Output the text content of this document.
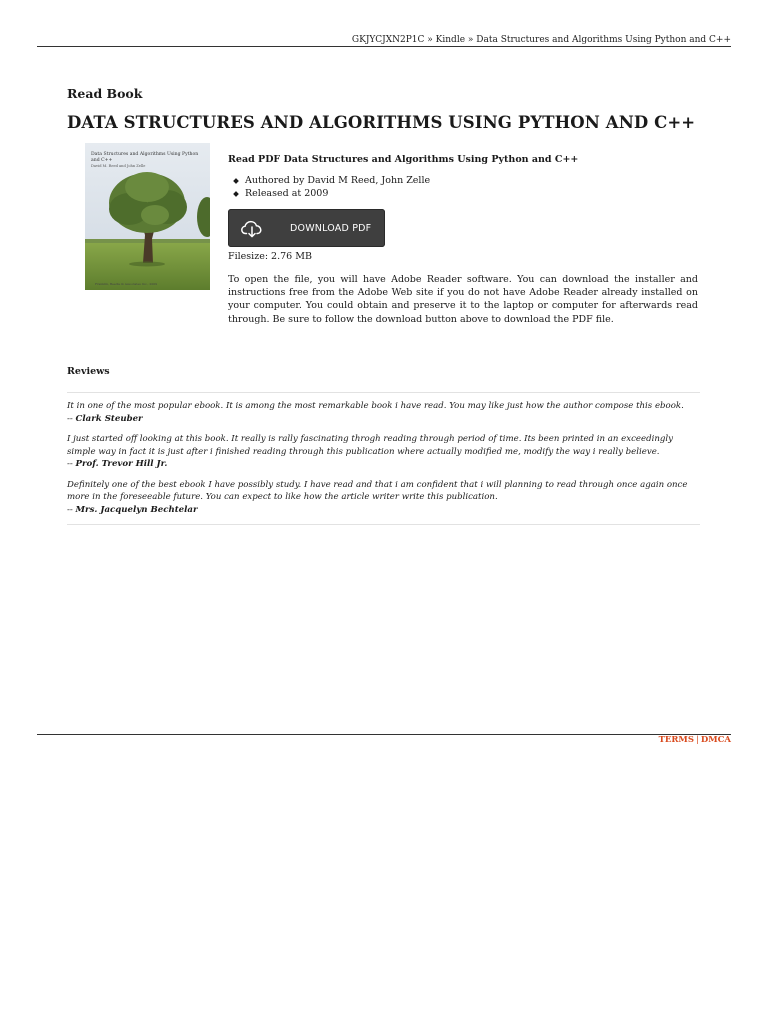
GKJYCJXN2P1C » Kindle » Data Structures and Algorithms Using Python and C++
Read Book
DATA STRUCTURES AND ALGORITHMS USING PYTHON AND C++
Data Structures and Algorithms Using Python and C++
David M. Reed and John Zelle
Franklin, Beedle & Associates Inc., 2009
Read PDF Data Structures and Algorithms Using Python and C++
Authored by David M Reed, John Zelle
Released at 2009
DOWNLOAD PDF
Filesize: 2.76 MB

To open the file, you will have Adobe Reader software. You can download the installer and instructions free from the Adobe Web site if you do not have Adobe Reader already installed on your computer. You could obtain and preserve it to the laptop or computer for afterwards read through. Be sure to follow the download button above to download the PDF file.

Reviews
It in one of the most popular ebook. It is among the most remarkable book i have read. You may like just how the author compose this ebook.
-- Clark Steuber
I just started off looking at this book. It really is rally fascinating throgh reading through period of time. Its been printed in an exceedingly simple way in fact it is just after i finished reading through this publication where actually modified me, modify the way i really believe.
-- Prof. Trevor Hill Jr.
Definitely one of the best ebook I have possibly study. I have read and that i am confident that i will planning to read through once again once more in the foreseeable future. You can expect to like how the article writer write this publication.
-- Mrs. Jacquelyn Bechtelar
TERMS | DMCA
